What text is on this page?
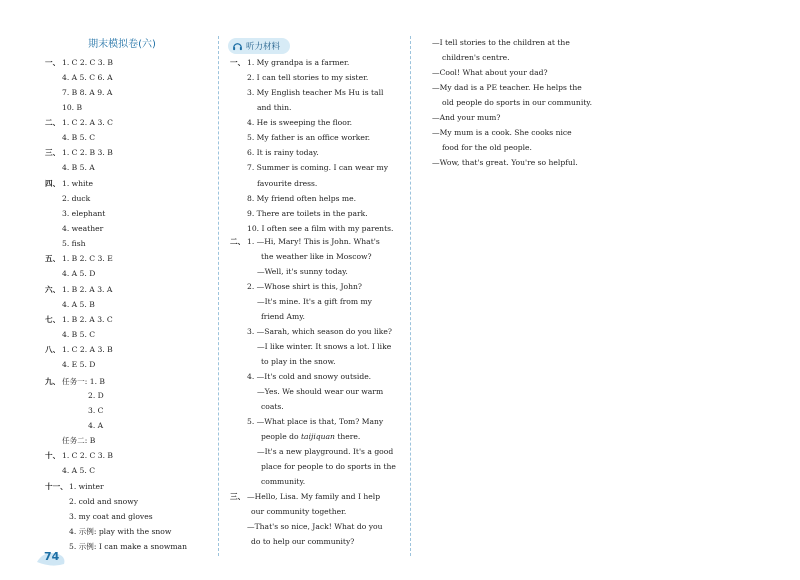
期末模拟卷(六)	听力材料
一、 1. C 2. C 3. B
4. A 5. C 6. A
7. B 8. A 9. A
10. B
二、 1. C 2. A 3. C
4. B 5. C
三、 1. C 2. B 3. B
4. B 5. A
四、 1. white
2. duck
3. elephant
4. weather
5. fish
五、 1. B 2. C 3. E
4. A 5. D
六、 1. B 2. A 3. A
4. A 5. B
七、 1. B 2. A 3. C
4. B 5. C
八、 1. C 2. A 3. B
4. E 5. D
九、 任务一: 1. B
2. D
3. C
4. A
任务二: B
十、 1. C 2. C 3. B
4. A 5. C
十一、1. winter
2. cold and snowy
3. my coat and gloves
4. 示例: play with the snow
5. 示例: I can make a snowman
一、 1. My grandpa is a farmer.
2. I can tell stories to my sister.
3. My English teacher Ms Hu is tall
and thin.
4. He is sweeping the floor.
5. My father is an office worker.
6. It is rainy today.
7. Summer is coming. I can wear my
favourite dress.
8. My friend often helps me.
9. There are toilets in the park.
10. I often see a film with my parents.
二、 1. —Hi, Mary! This is John. What's
the weather like in Moscow?
—Well, it's sunny today.
2. —Whose shirt is this, John?
—It's mine. It's a gift from my
friend Amy.
3. —Sarah, which season do you like?
—I like winter. It snows a lot. I like
to play in the snow.
4. —It's cold and snowy outside.
—Yes. We should wear our warm
coats.
5. —What place is that, Tom? Many
people do taijiquan there.
—It's a new playground. It's a good
place for people to do sports in the
community.
三、 —Hello, Lisa. My family and I help
our community together.
—That's so nice, Jack! What do you
do to help our community?
—I tell stories to the children at the
children's centre.
—Cool! What about your dad?
—My dad is a PE teacher. He helps the
old people do sports in our community.
—And your mum?
—My mum is a cook. She cooks nice
food for the old people.
—Wow, that's great. You're so helpful.
74
